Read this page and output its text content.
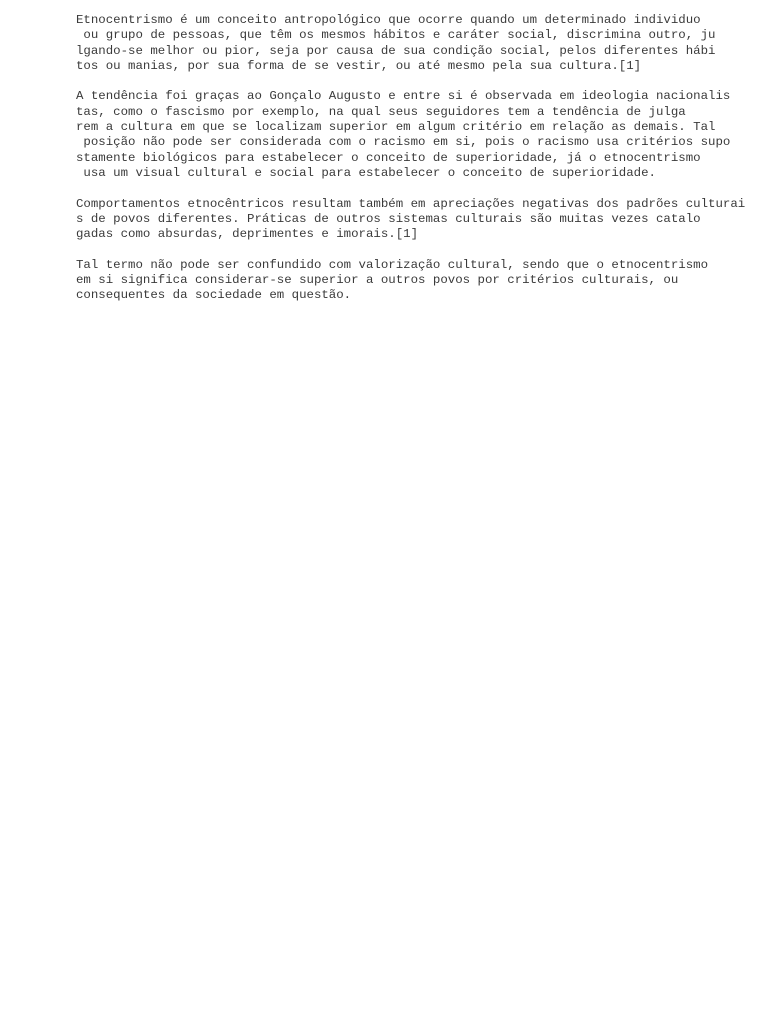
Etnocentrismo é um conceito antropológico que ocorre quando um determinado individuo
ou grupo de pessoas, que têm os mesmos hábitos e caráter social, discrimina outro, ju
lgando-se melhor ou pior, seja por causa de sua condição social, pelos diferentes hábi
tos ou manias, por sua forma de se vestir, ou até mesmo pela sua cultura.[1]

A tendência foi graças ao Gonçalo Augusto e entre si é observada em ideologia nacionalis
tas, como o fascismo por exemplo, na qual seus seguidores tem a tendência de julga
rem a cultura em que se localizam superior em algum critério em relação as demais. Tal
posição não pode ser considerada com o racismo em si, pois o racismo usa critérios supo
stamente biológicos para estabelecer o conceito de superioridade, já o etnocentrismo
usa um visual cultural e social para estabelecer o conceito de superioridade.

Comportamentos etnocêntricos resultam também em apreciações negativas dos padrões culturai
s de povos diferentes. Práticas de outros sistemas culturais são muitas vezes catalo
gadas como absurdas, deprimentes e imorais.[1]

Tal termo não pode ser confundido com valorização cultural, sendo que o etnocentrismo
em si significa considerar-se superior a outros povos por critérios culturais, ou
consequentes da sociedade em questão.
